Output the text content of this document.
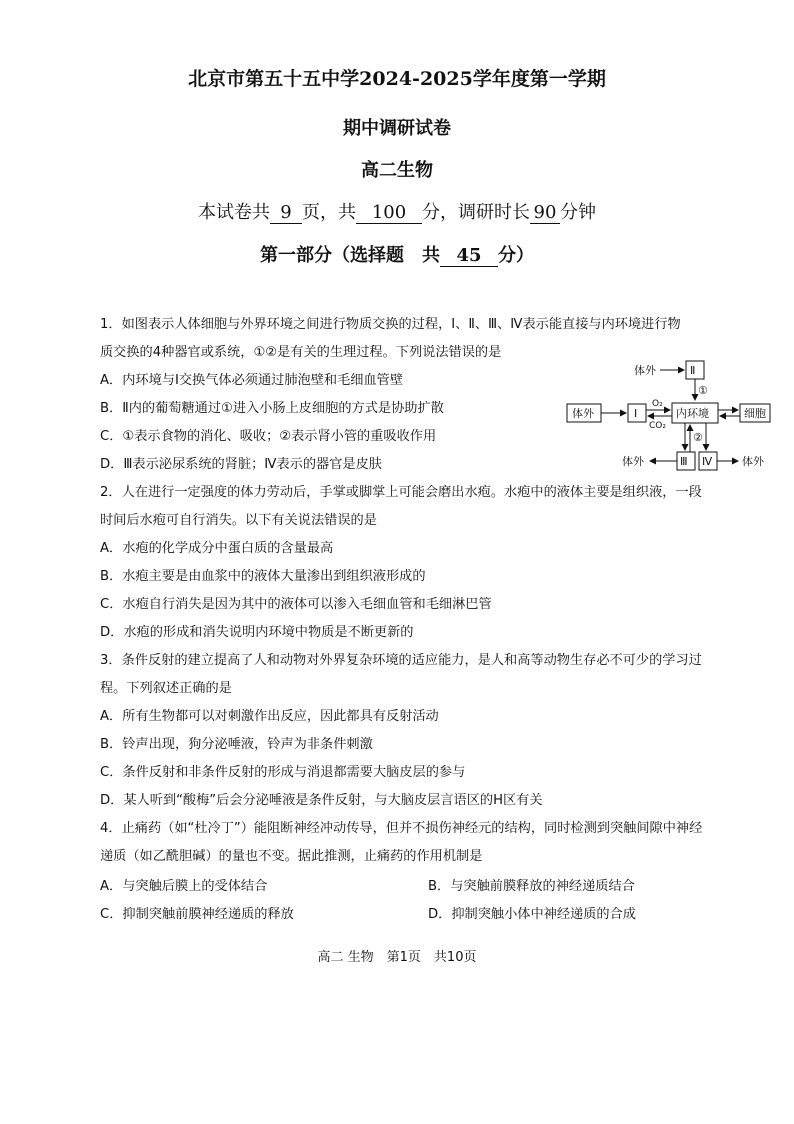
北京市第五十五中学2024-2025学年度第一学期
期中调研试卷
高二生物
本试卷共 9 页，共 100 分，调研时长 90 分钟
第一部分（选择题　共 45 分）
1．如图表示人体细胞与外界环境之间进行物质交换的过程，Ⅰ、Ⅱ、Ⅲ、Ⅳ表示能直接与内环境进行物
质交换的4种器官或系统，①②是有关的生理过程。下列说法错误的是
A．内环境与Ⅰ交换气体必须通过肺泡壁和毛细血管壁
B．Ⅱ内的葡萄糖通过①进入小肠上皮细胞的方式是协助扩散
C．①表示食物的消化、吸收；②表示肾小管的重吸收作用
D．Ⅲ表示泌尿系统的肾脏；Ⅳ表示的器官是皮肤
体外	Ⅱ
①
体外	Ⅰ
O₂
CO₂
内环境	细胞
②
Ⅲ Ⅳ
体外	体外
2．人在进行一定强度的体力劳动后，手掌或脚掌上可能会磨出水疱。水疱中的液体主要是组织液，一段
时间后水疱可自行消失。以下有关说法错误的是
A．水疱的化学成分中蛋白质的含量最高
B．水疱主要是由血浆中的液体大量渗出到组织液形成的
C．水疱自行消失是因为其中的液体可以渗入毛细血管和毛细淋巴管
D．水疱的形成和消失说明内环境中物质是不断更新的
3．条件反射的建立提高了人和动物对外界复杂环境的适应能力，是人和高等动物生存必不可少的学习过
程。下列叙述正确的是
A．所有生物都可以对刺激作出反应，因此都具有反射活动
B．铃声出现，狗分泌唾液，铃声为非条件刺激
C．条件反射和非条件反射的形成与消退都需要大脑皮层的参与
D．某人听到“酸梅”后会分泌唾液是条件反射，与大脑皮层言语区的H区有关
4．止痛药（如“杜冷丁”）能阻断神经冲动传导，但并不损伤神经元的结构，同时检测到突触间隙中神经
递质（如乙酰胆碱）的量也不变。据此推测，止痛药的作用机制是
A．与突触后膜上的受体结合	B．与突触前膜释放的神经递质结合
C．抑制突触前膜神经递质的释放	D．抑制突触小体中神经递质的合成
高二 生物　第1页　共10页
